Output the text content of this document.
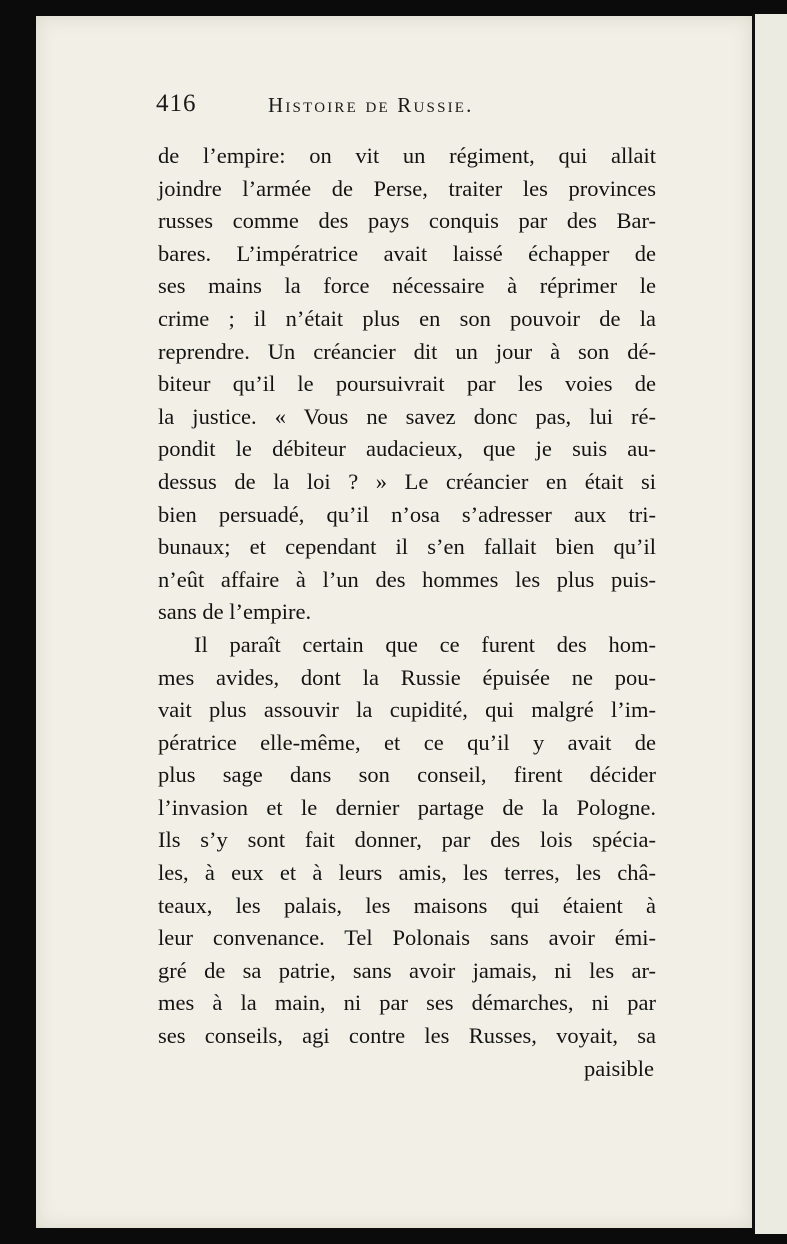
416	Histoire de Russie.
de l’empire: on vit un régiment, qui allait
joindre l’armée de Perse, traiter les provinces
russes comme des pays conquis par des Bar-
bares. L’impératrice avait laissé échapper de
ses mains la force nécessaire à réprimer le
crime ; il n’était plus en son pouvoir de la
reprendre. Un créancier dit un jour à son dé-
biteur qu’il le poursuivrait par les voies de
la justice. « Vous ne savez donc pas, lui ré-
pondit le débiteur audacieux, que je suis au-
dessus de la loi ? » Le créancier en était si
bien persuadé, qu’il n’osa s’adresser aux tri-
bunaux; et cependant il s’en fallait bien qu’il
n’eût affaire à l’un des hommes les plus puis-
sans de l’empire.
Il paraît certain que ce furent des hom-
mes avides, dont la Russie épuisée ne pou-
vait plus assouvir la cupidité, qui malgré l’im-
pératrice elle-même, et ce qu’il y avait de
plus sage dans son conseil, firent décider
l’invasion et le dernier partage de la Pologne.
Ils s’y sont fait donner, par des lois spécia-
les, à eux et à leurs amis, les terres, les châ-
teaux, les palais, les maisons qui étaient à
leur convenance. Tel Polonais sans avoir émi-
gré de sa patrie, sans avoir jamais, ni les ar-
mes à la main, ni par ses démarches, ni par
ses conseils, agi contre les Russes, voyait, sa
paisible
